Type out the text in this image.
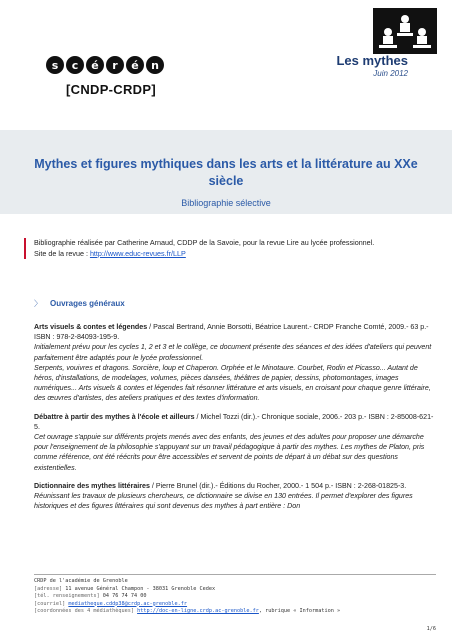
s	c	é	r	é	n
[CNDP-CRDP]
Les mythes
Juin 2012
Mythes et figures mythiques dans les arts et la littérature au XXe siècle
Bibliographie sélective
Bibliographie réalisée par Catherine Arnaud, CDDP de la Savoie, pour la revue Lire au lycée professionnel.
Site de la revue : http://www.educ-revues.fr/LLP
〉 Ouvrages généraux
Arts visuels & contes et légendes / Pascal Bertrand, Annie Borsotti, Béatrice Laurent.- CRDP Franche Comté, 2009.- 63 p.- ISBN : 978-2-84093-195-9.
Initialement prévu pour les cycles 1, 2 et 3 et le collège, ce document présente des séances et des idées d'ateliers qui peuvent parfaitement être adaptés pour le lycée professionnel.
Serpents, vouivres et dragons. Sorcière, loup et Chaperon. Orphée et le Minotaure. Courbet, Rodin et Picasso... Autant de héros, d'installations, de modelages, volumes, pièces dansées, théâtres de papier, dessins, photomontages, images numériques... Arts visuels & contes et légendes fait résonner littérature et arts visuels, en croisant pour chaque genre littéraire, des œuvres d'artistes, des ateliers pratiques et des textes d'information.
Débattre à partir des mythes à l'école et ailleurs / Michel Tozzi (dir.).- Chronique sociale, 2006.- 203 p.- ISBN : 2-85008-621-5.
Cet ouvrage s'appuie sur différents projets menés avec des enfants, des jeunes et des adultes pour proposer une démarche pour l'enseignement de la philosophie s'appuyant sur un travail pédagogique à partir des mythes. Les mythes de Platon, pris comme référence, ont été réécrits pour être accessibles et servent de points de départ à un débat sur des questions existentielles.
Dictionnaire des mythes littéraires / Pierre Brunel (dir.).- Éditions du Rocher, 2000.- 1 504 p.- ISBN : 2-268-01825-3.
Réunissant les travaux de plusieurs chercheurs, ce dictionnaire se divise en 130 entrées. Il permet d'explorer des figures historiques et des figures littéraires qui sont devenus des mythes à part entière : Don
CRDP de l'académie de Grenoble
[adresse] 11 avenue Général Champon - 38031 Grenoble Cedex
[tél. renseignements] 04 76 74 74 00
[courriel] mediatheque.cddp38@crdp.ac-grenoble.fr
[coordonnées des 4 médiathèques] http://doc-en-ligne.crdp.ac-grenoble.fr, rubrique « Information »
1/6
